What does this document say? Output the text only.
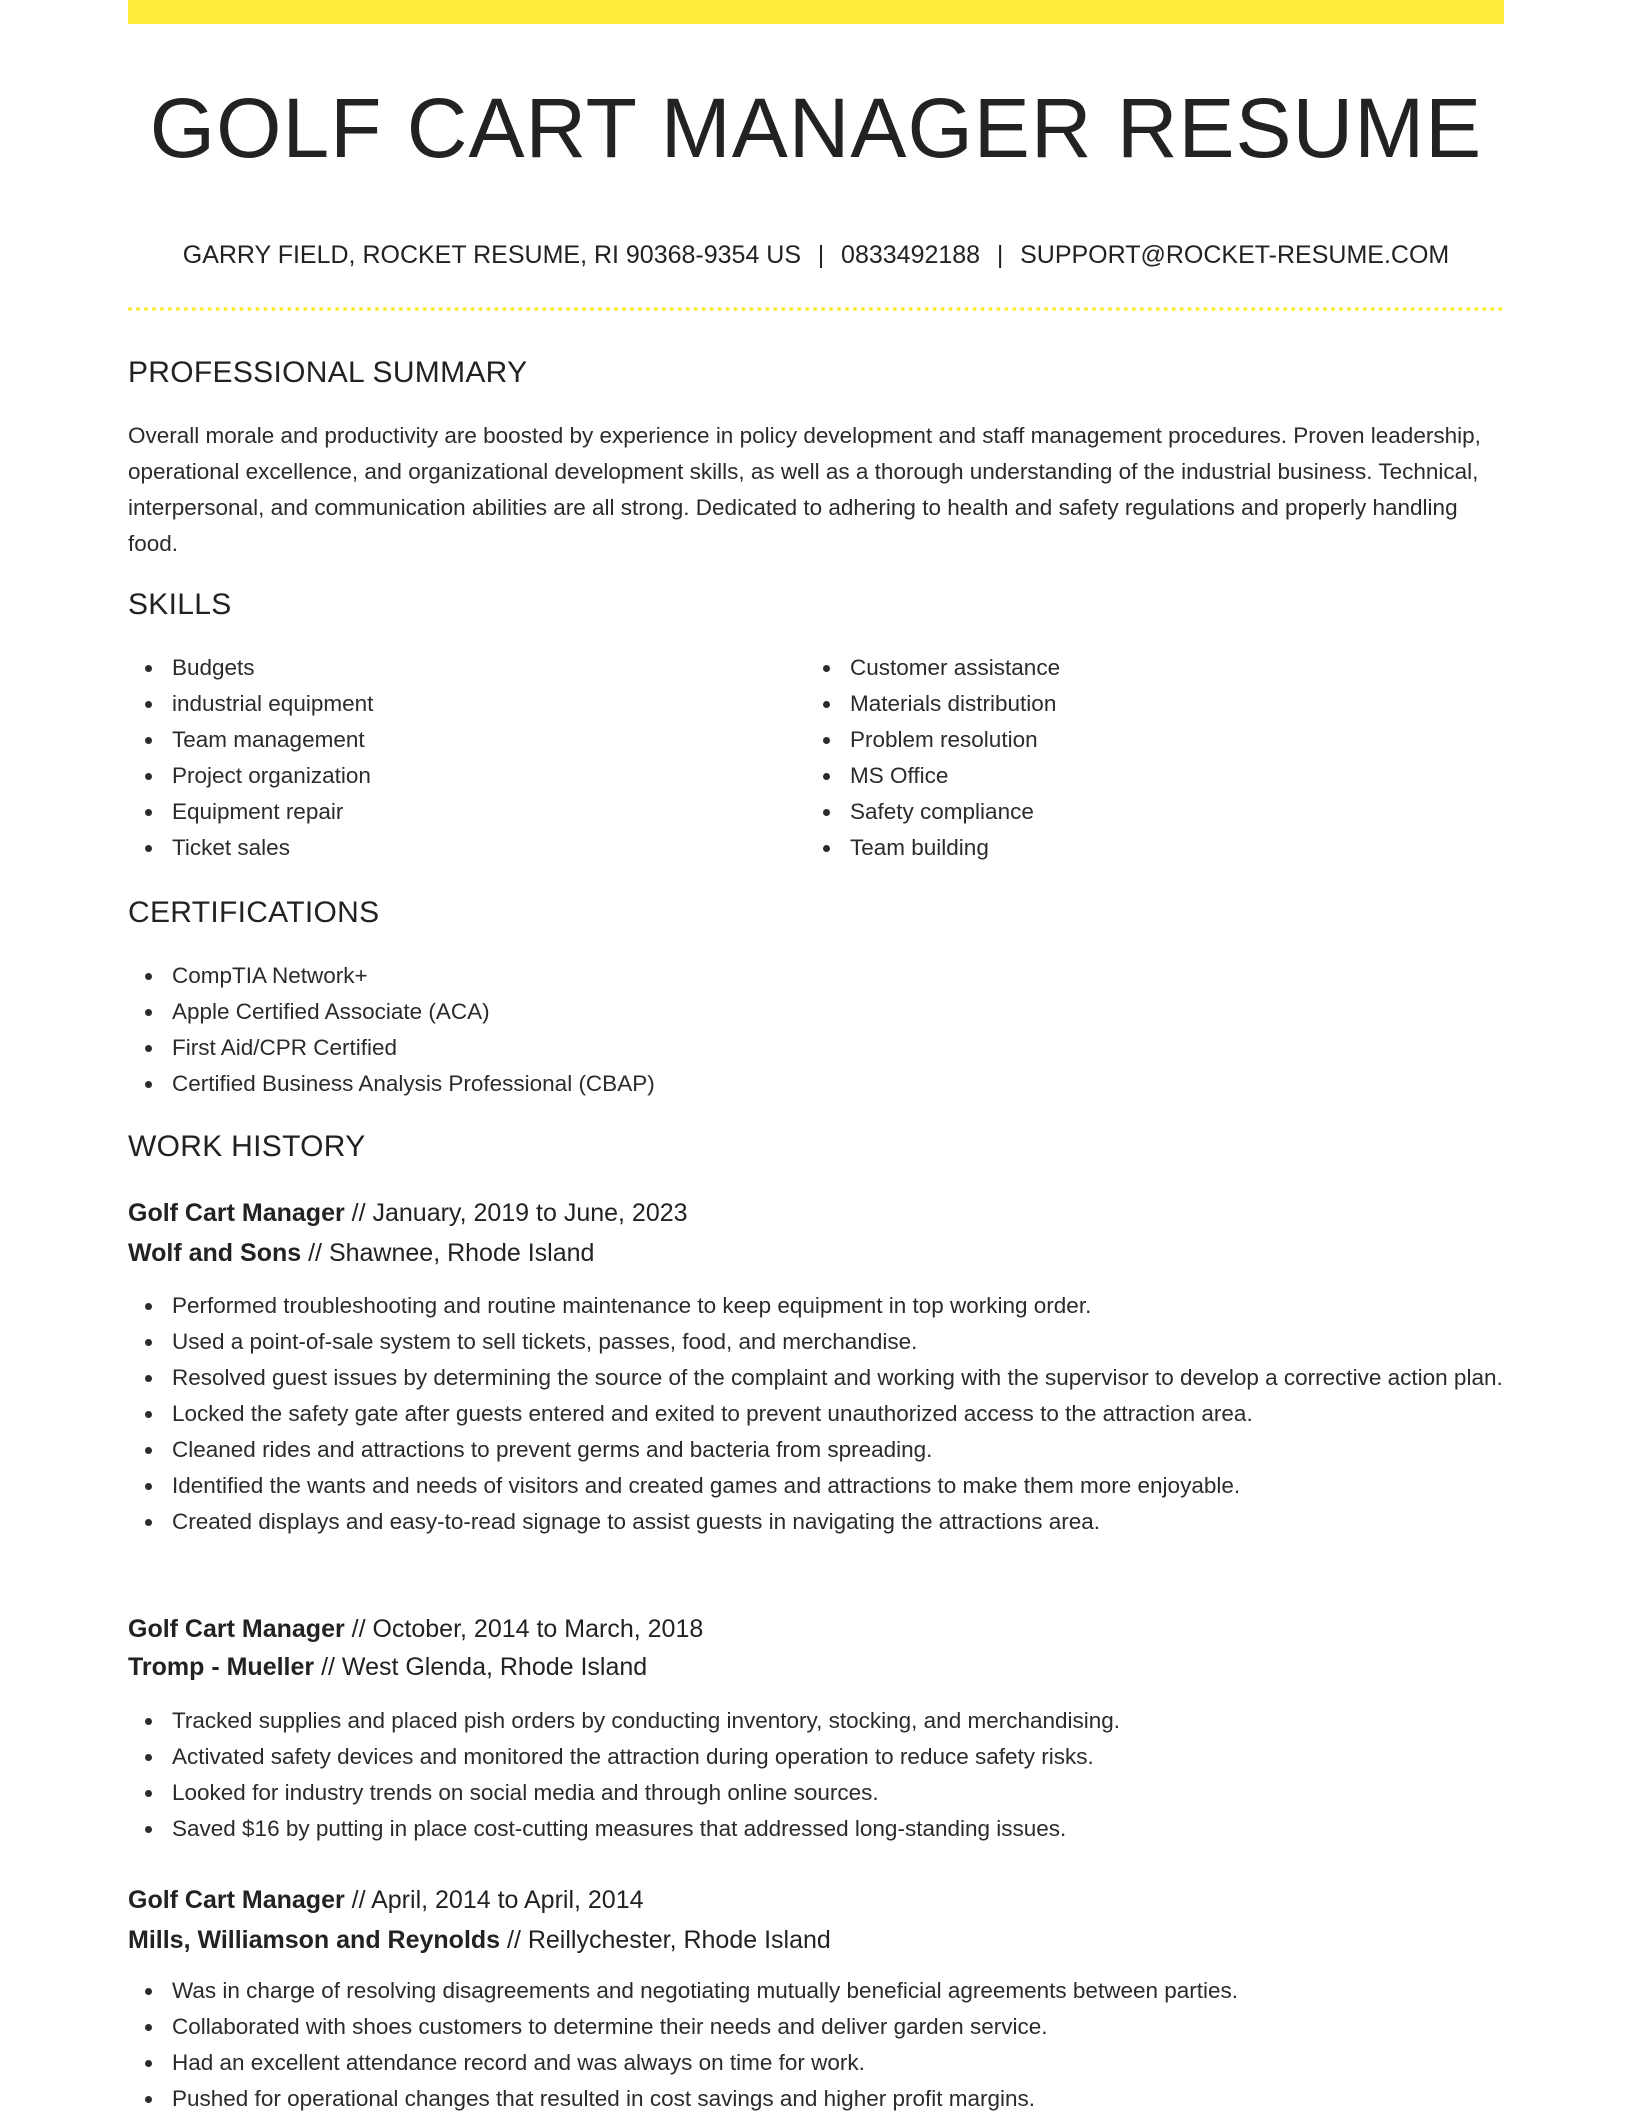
GOLF CART MANAGER RESUME
GARRY FIELD, ROCKET RESUME, RI 90368-9354 US | 0833492188 | SUPPORT@ROCKET-RESUME.COM
PROFESSIONAL SUMMARY

Overall morale and productivity are boosted by experience in policy development and staff management procedures. Proven leadership, operational excellence, and organizational development skills, as well as a thorough understanding of the industrial business. Technical, interpersonal, and communication abilities are all strong. Dedicated to adhering to health and safety regulations and properly handling food.

SKILLS
Budgets
industrial equipment
Team management
Project organization
Equipment repair
Ticket sales
Customer assistance
Materials distribution
Problem resolution
MS Office
Safety compliance
Team building
CERTIFICATIONS
CompTIA Network+
Apple Certified Associate (ACA)
First Aid/CPR Certified
Certified Business Analysis Professional (CBAP)
WORK HISTORY
Golf Cart Manager // January, 2019 to June, 2023
Wolf and Sons // Shawnee, Rhode Island
Performed troubleshooting and routine maintenance to keep equipment in top working order.
Used a point-of-sale system to sell tickets, passes, food, and merchandise.
Resolved guest issues by determining the source of the complaint and working with the supervisor to develop a corrective action plan.
Locked the safety gate after guests entered and exited to prevent unauthorized access to the attraction area.
Cleaned rides and attractions to prevent germs and bacteria from spreading.
Identified the wants and needs of visitors and created games and attractions to make them more enjoyable.
Created displays and easy-to-read signage to assist guests in navigating the attractions area.
Golf Cart Manager // October, 2014 to March, 2018
Tromp - Mueller // West Glenda, Rhode Island
Tracked supplies and placed pish orders by conducting inventory, stocking, and merchandising.
Activated safety devices and monitored the attraction during operation to reduce safety risks.
Looked for industry trends on social media and through online sources.
Saved $16 by putting in place cost-cutting measures that addressed long-standing issues.
Golf Cart Manager // April, 2014 to April, 2014
Mills, Williamson and Reynolds // Reillychester, Rhode Island
Was in charge of resolving disagreements and negotiating mutually beneficial agreements between parties.
Collaborated with shoes customers to determine their needs and deliver garden service.
Had an excellent attendance record and was always on time for work.
Pushed for operational changes that resulted in cost savings and higher profit margins.
